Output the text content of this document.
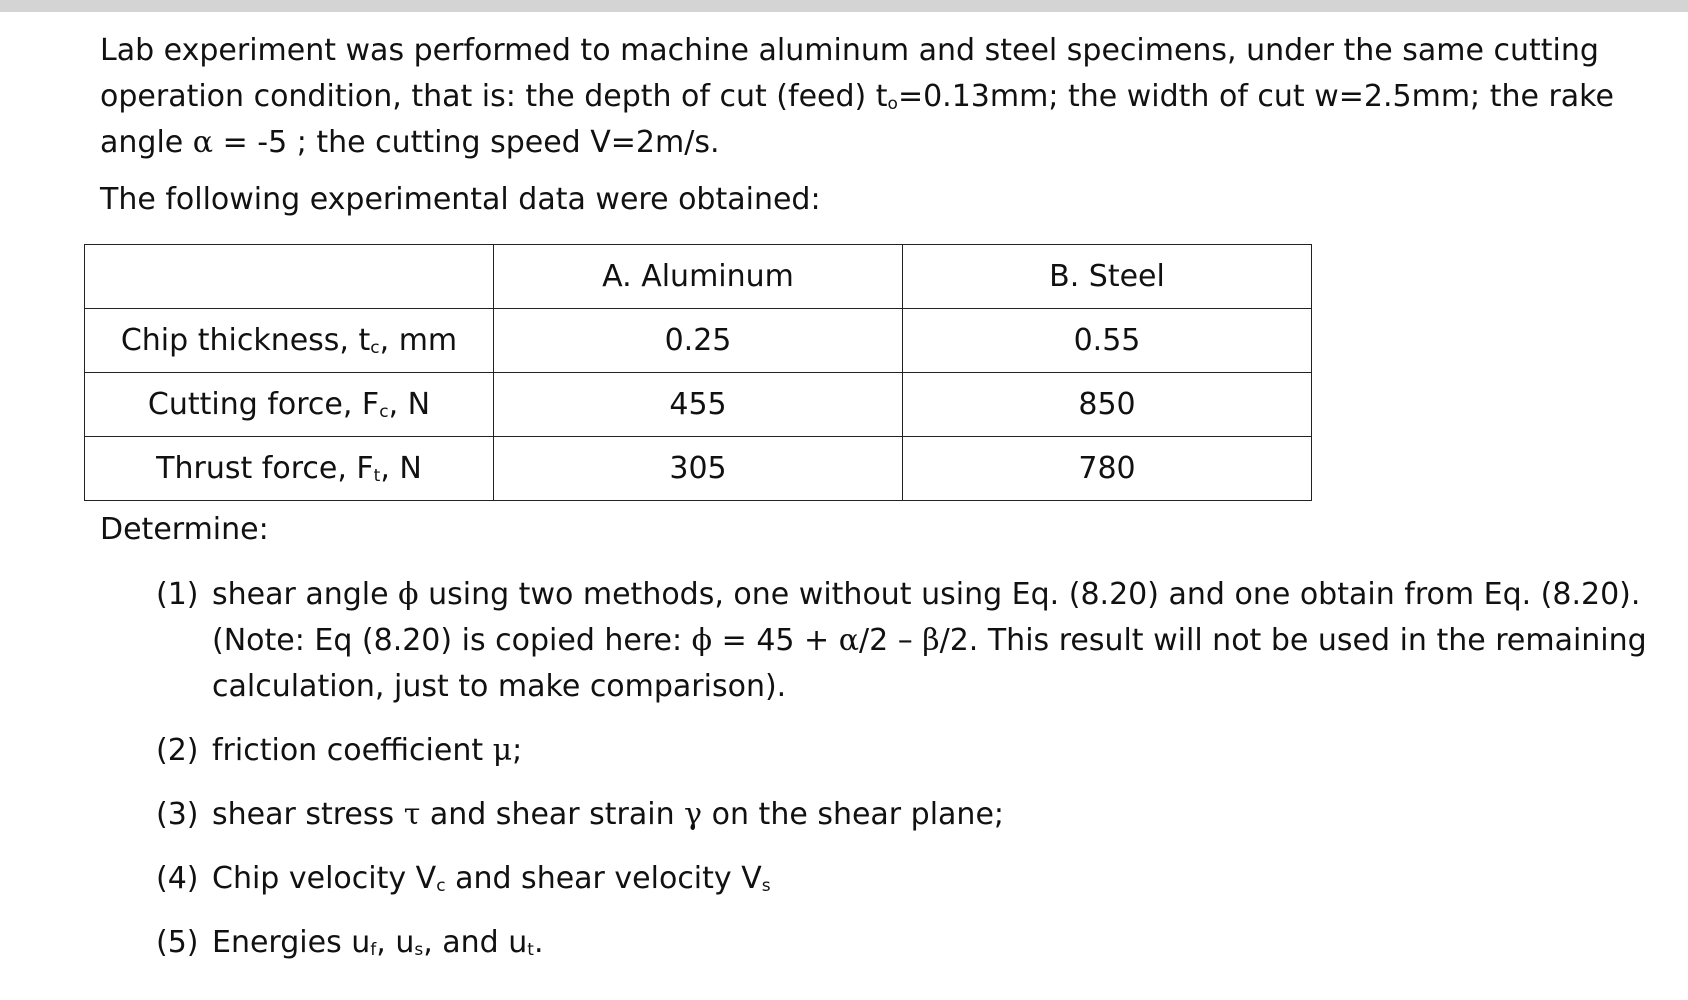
Lab experiment was performed to machine aluminum and steel specimens, under the same cutting
operation condition, that is: the depth of cut (feed) $t_o=0.13mm$; the width of cut w=2.5mm; the rake
angle α = -5 ; the cutting speed V=2m/s.

The following experimental data were obtained:

	A. Aluminum	B. Steel
Chip thickness, $t_c$, mm	0.25	0.55
Cutting force, $F_c$, N	455	850
Thrust force, $F_t$, N	305	780

Determine:

(1) shear angle ϕ using two methods, one without using Eq. (8.20) and one obtain from Eq. (8.20).
(Note: Eq (8.20) is copied here: ϕ = 45 + α/2 – β/2. This result will not be used in the remaining
calculation, just to make comparison).
(2) friction coefficient μ;
(3) shear stress τ and shear strain γ on the shear plane;
(4) Chip velocity $V_c$ and shear velocity $V_s$
(5) Energies $u_f$, $u_s$, and $u_t$.
